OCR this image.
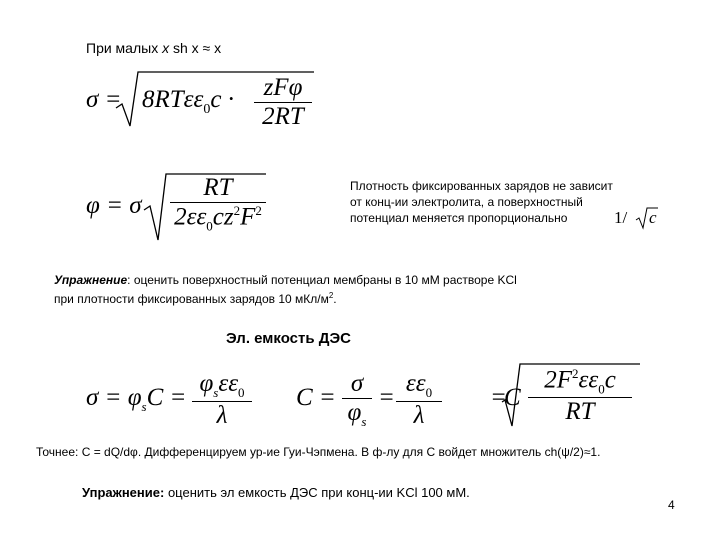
При малых x sh x ≈ x
σ = 8RTεε$_0$c ·	zFφ
2RT
φ = σ $\frac{RT}{2\varepsilon\varepsilon_0cz^2F^2}$	Плотность фиксированных зарядов не зависит
от конц-ии электролита, а поверхностный
потенциал меняется пропорционально	1/ c
Упражнение: оценить поверхностный потенциал мембраны в 10 мМ растворе KCl
при плотности фиксированных зарядов 10 мКл/$м^2$.
Эл. емкость ДЭС
$\sigma = \varphi_sC$ =
$\varphi_s\varepsilon\varepsilon_0$
λ
$C = \frac{\sigma}{\varphi_s} = \frac{\varepsilon\varepsilon_0}{\lambda}$ =
C $\frac{2F^2\varepsilon\varepsilon_0c}{RT}$
Точнее: C = dQ/dφ. Дифференцируем ур-ие Гуи-Чэпмена. В ф-лу для C войдет множитель ch(ψ/2)≈1.
Упражнение: оценить эл емкость ДЭС при конц-ии KCl 100 мМ.
4
